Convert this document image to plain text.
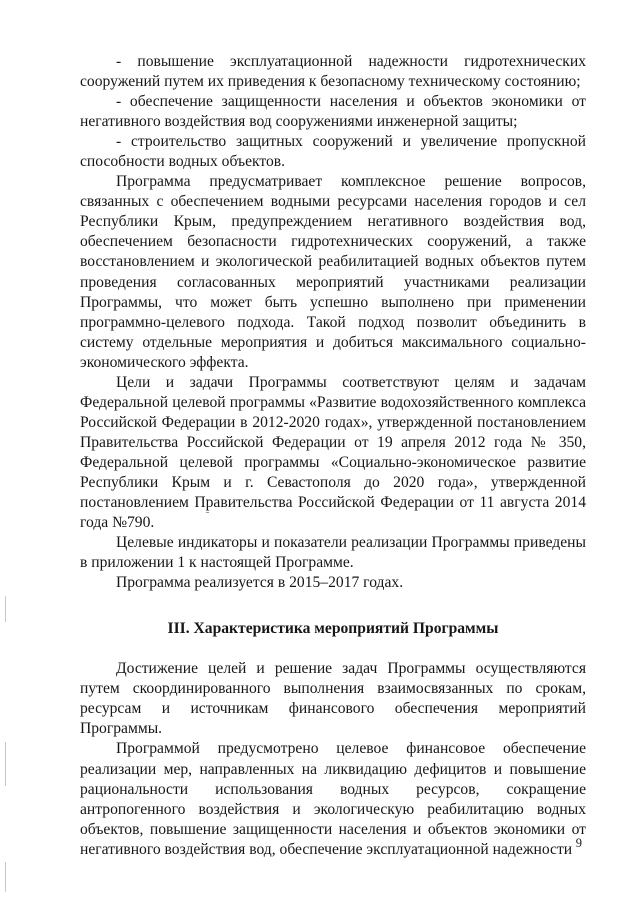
- повышение эксплуатационной надежности гидротехнических сооружений путем их приведения к безопасному техническому состоянию;

- обеспечение защищенности населения и объектов экономики от негативного воздействия вод сооружениями инженерной защиты;

- строительство защитных сооружений и увеличение пропускной способности водных объектов.

Программа предусматривает комплексное решение вопросов, связанных с обеспечением водными ресурсами населения городов и сел Республики Крым, предупреждением негативного воздействия вод, обеспечением безопасности гидротехнических сооружений, а также восстановлением и экологической реабилитацией водных объектов путем проведения согласованных мероприятий участниками реализации Программы, что может быть успешно выполнено при применении программно-целевого подхода. Такой подход позволит объединить в систему отдельные мероприятия и добиться максимального социально-экономического эффекта.

Цели и задачи Программы соответствуют целям и задачам Федеральной целевой программы «Развитие водохозяйственного комплекса Российской Федерации в 2012-2020 годах», утвержденной постановлением Правительства Российской Федерации от 19 апреля 2012 года № 350, Федеральной целевой программы «Социально-экономическое развитие Республики Крым и г. Севастополя до 2020 года», утвержденной постановлением Правительства Российской Федерации от 11 августа 2014 года №790.

Целевые индикаторы и показатели реализации Программы приведены в приложении 1 к настоящей Программе.

Программа реализуется в 2015–2017 годах.

III. Характеристика мероприятий Программы

Достижение целей и решение задач Программы осуществляются путем скоординированного выполнения взаимосвязанных по срокам, ресурсам и источникам финансового обеспечения мероприятий Программы.

Программой предусмотрено целевое финансовое обеспечение реализации мер, направленных на ликвидацию дефицитов и повышение рациональности использования водных ресурсов, сокращение антропогенного воздействия и экологическую реабилитацию водных объектов, повышение защищенности населения и объектов экономики от негативного воздействия вод, обеспечение эксплуатационной надежности 9
